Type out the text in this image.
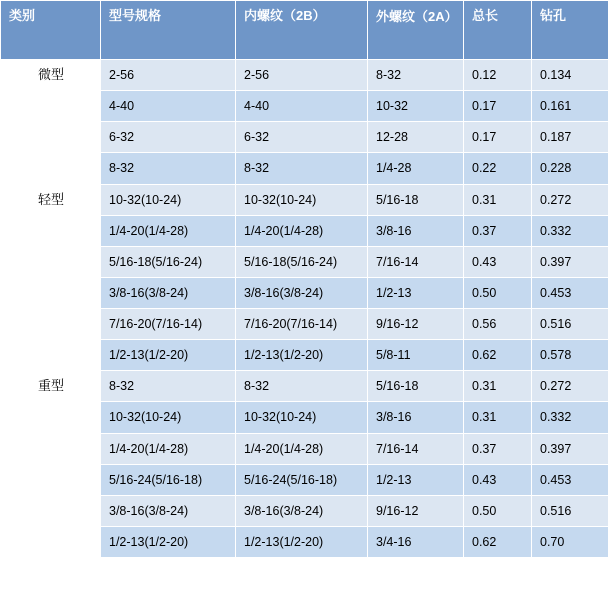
类别	型号规格	内螺纹（2B）	外螺纹（2A）	总长	钻孔

微型	2-56	2-56	8-32	0.12	0.134
	4-40	4-40	10-32	0.17	0.161
	6-32	6-32	12-28	0.17	0.187
	8-32	8-32	1/4-28	0.22	0.228

轻型	10-32(10-24)	10-32(10-24)	5/16-18	0.31	0.272
	1/4-20(1/4-28)	1/4-20(1/4-28)	3/8-16	0.37	0.332
	5/16-18(5/16-24)	5/16-18(5/16-24)	7/16-14	0.43	0.397
	3/8-16(3/8-24)	3/8-16(3/8-24)	1/2-13	0.50	0.453
	7/16-20(7/16-14)	7/16-20(7/16-14)	9/16-12	0.56	0.516
	1/2-13(1/2-20)	1/2-13(1/2-20)	5/8-11	0.62	0.578

重型	8-32	8-32	5/16-18	0.31	0.272
	10-32(10-24)	10-32(10-24)	3/8-16	0.31	0.332
	1/4-20(1/4-28)	1/4-20(1/4-28)	7/16-14	0.37	0.397
	5/16-24(5/16-18)	5/16-24(5/16-18)	1/2-13	0.43	0.453
	3/8-16(3/8-24)	3/8-16(3/8-24)	9/16-12	0.50	0.516
	1/2-13(1/2-20)	1/2-13(1/2-20)	3/4-16	0.62	0.70
